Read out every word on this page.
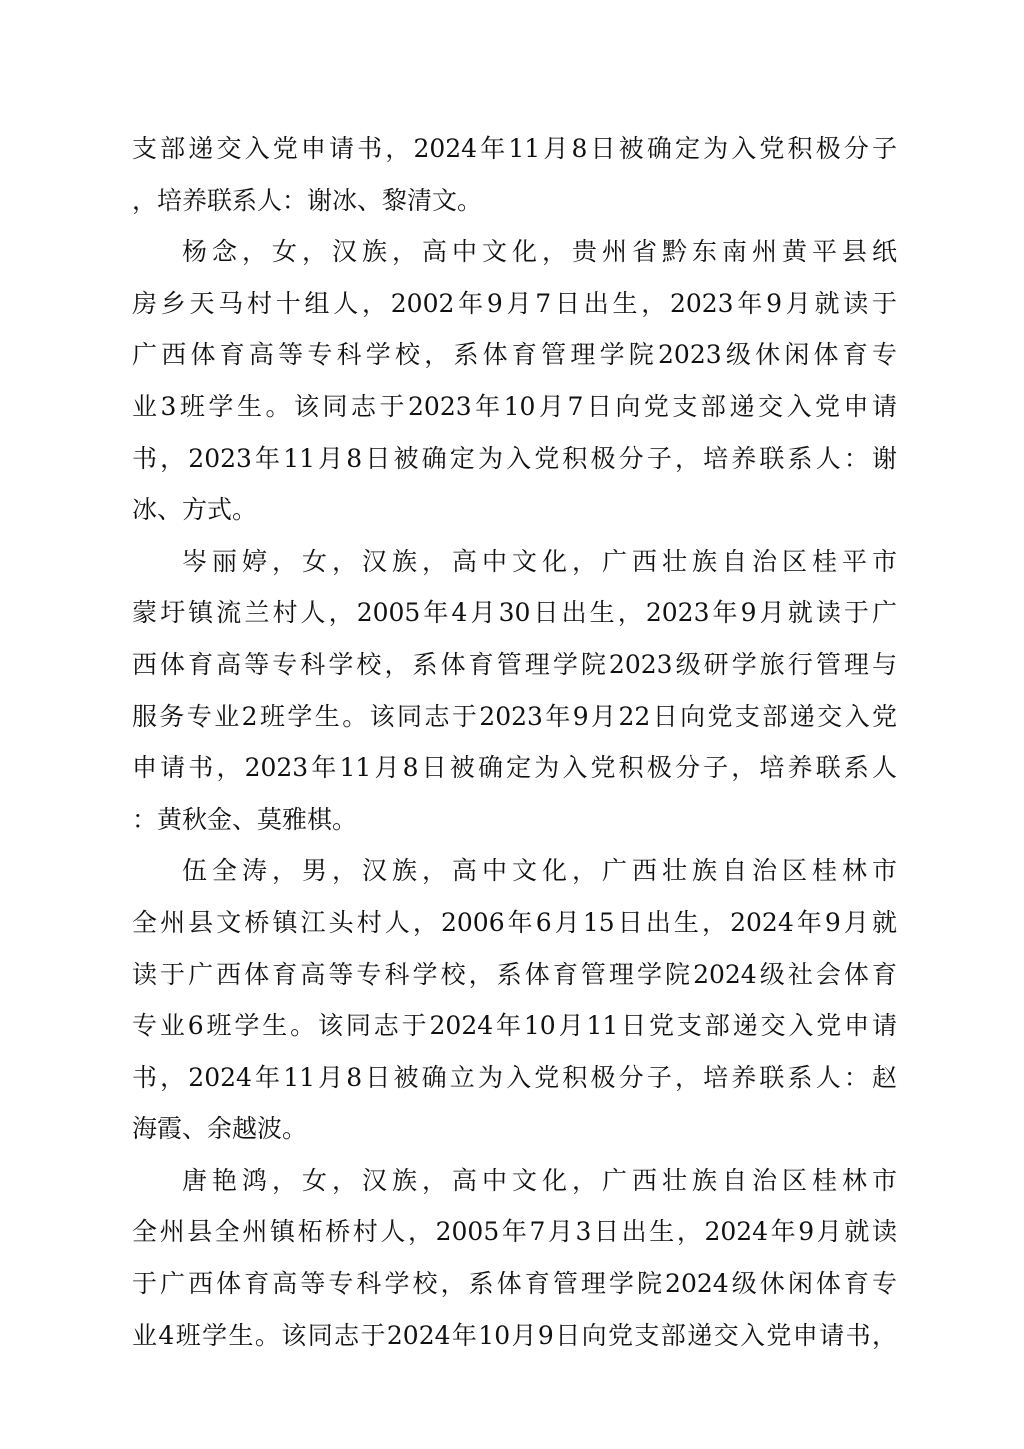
支部递交入党申请书，2024年11月8日被确定为入党积极分子
，培养联系人：谢冰、黎清文。
杨念，女，汉族，高中文化，贵州省黔东南州黄平县纸
房乡天马村十组人，2002年9月7日出生，2023年9月就读于
广西体育高等专科学校，系体育管理学院2023级休闲体育专
业3班学生。该同志于2023年10月7日向党支部递交入党申请
书，2023年11月8日被确定为入党积极分子，培养联系人：谢
冰、方式。
岑丽婷，女，汉族，高中文化，广西壮族自治区桂平市
蒙圩镇流兰村人，2005年4月30日出生，2023年9月就读于广
西体育高等专科学校，系体育管理学院2023级研学旅行管理与
服务专业2班学生。该同志于2023年9月22日向党支部递交入党
申请书，2023年11月8日被确定为入党积极分子，培养联系人
：黄秋金、莫雅棋。
伍全涛，男，汉族，高中文化，广西壮族自治区桂林市
全州县文桥镇江头村人，2006年6月15日出生，2024年9月就
读于广西体育高等专科学校，系体育管理学院2024级社会体育
专业6班学生。该同志于2024年10月11日党支部递交入党申请
书，2024年11月8日被确立为入党积极分子，培养联系人：赵
海霞、余越波。
唐艳鸿，女，汉族，高中文化，广西壮族自治区桂林市
全州县全州镇柘桥村人，2005年7月3日出生，2024年9月就读
于广西体育高等专科学校，系体育管理学院2024级休闲体育专
业4班学生。该同志于2024年10月9日向党支部递交入党申请书，
